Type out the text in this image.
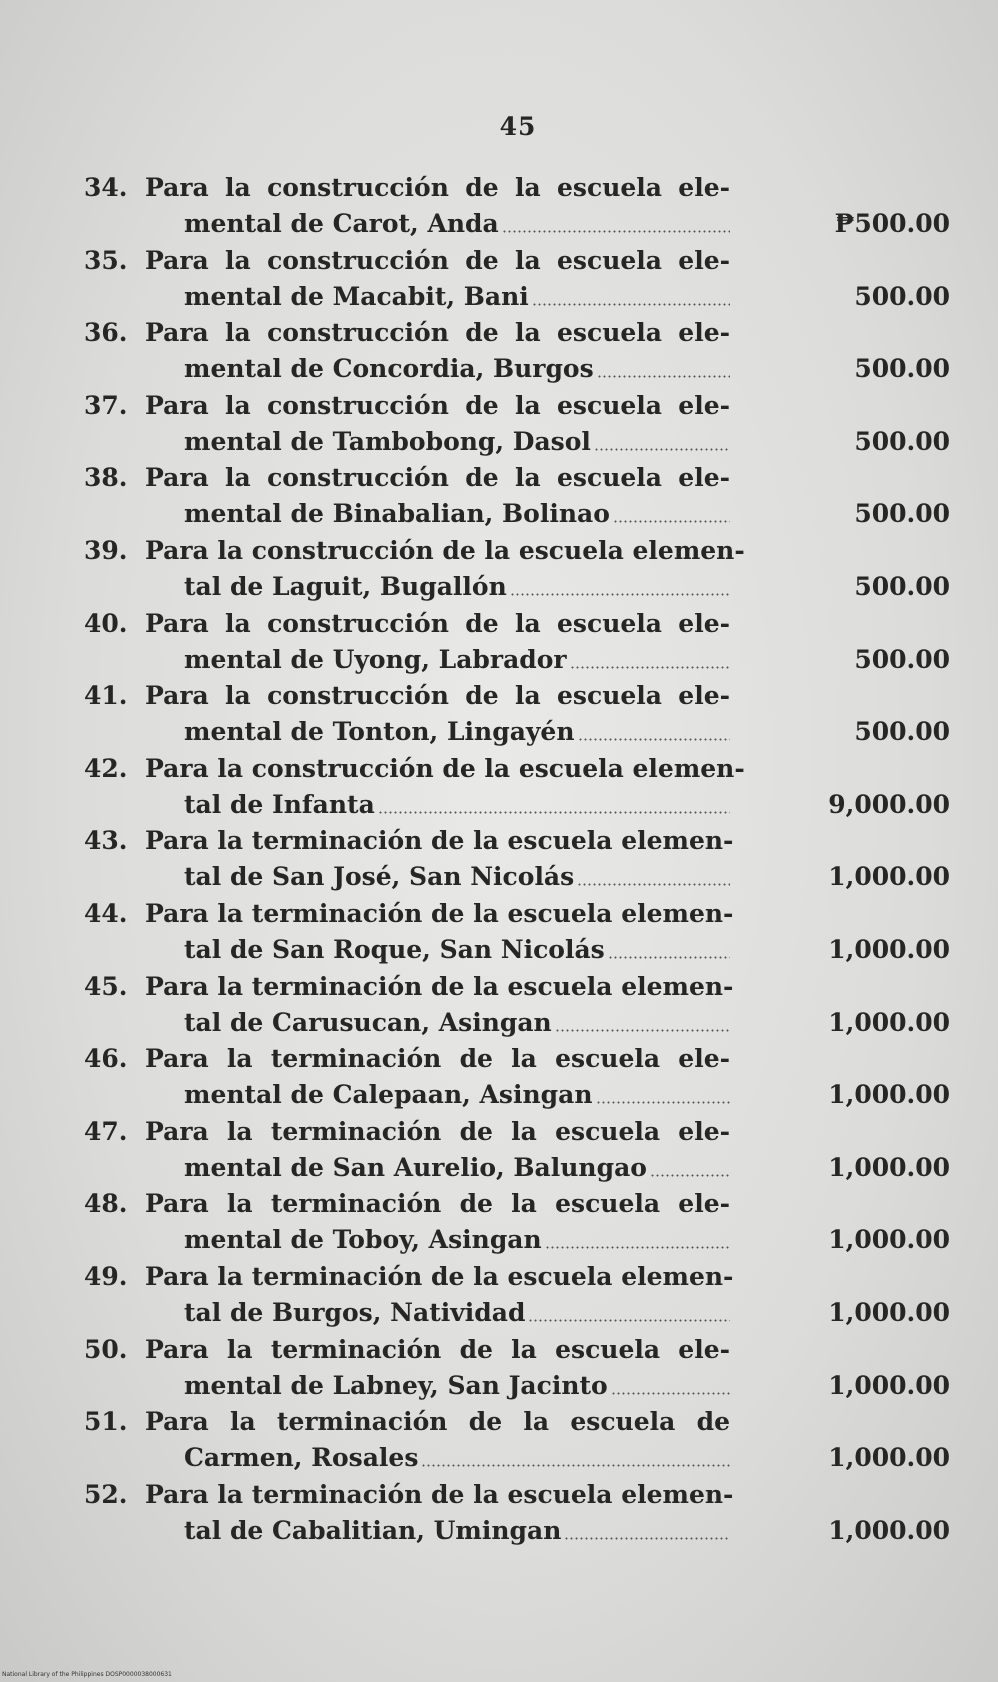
45
34. Para la construcción de la escuela ele-
mental de Carot, Anda	₱500.00
35. Para la construcción de la escuela ele-
mental de Macabit, Bani	500.00
36. Para la construcción de la escuela ele-
mental de Concordia, Burgos	500.00
37. Para la construcción de la escuela ele-
mental de Tambobong, Dasol	500.00
38. Para la construcción de la escuela ele-
mental de Binabalian, Bolinao	500.00
39. Para la construcción de la escuela elemen-
tal de Laguit, Bugallón	500.00
40. Para la construcción de la escuela ele-
mental de Uyong, Labrador	500.00
41. Para la construcción de la escuela ele-
mental de Tonton, Lingayén	500.00
42. Para la construcción de la escuela elemen-
tal de Infanta	9,000.00
43. Para la terminación de la escuela elemen-
tal de San José, San Nicolás	1,000.00
44. Para la terminación de la escuela elemen-
tal de San Roque, San Nicolás	1,000.00
45. Para la terminación de la escuela elemen-
tal de Carusucan, Asingan	1,000.00
46. Para la terminación de la escuela ele-
mental de Calepaan, Asingan	1,000.00
47. Para la terminación de la escuela ele-
mental de San Aurelio, Balungao	1,000.00
48. Para la terminación de la escuela ele-
mental de Toboy, Asingan	1,000.00
49. Para la terminación de la escuela elemen-
tal de Burgos, Natividad	1,000.00
50. Para la terminación de la escuela ele-
mental de Labney, San Jacinto	1,000.00
51. Para la terminación de la escuela de
Carmen, Rosales	1,000.00
52. Para la terminación de la escuela elemen-
tal de Cabalitian, Umingan	1,000.00
National Library of the Philippines DOSP0000038000631
